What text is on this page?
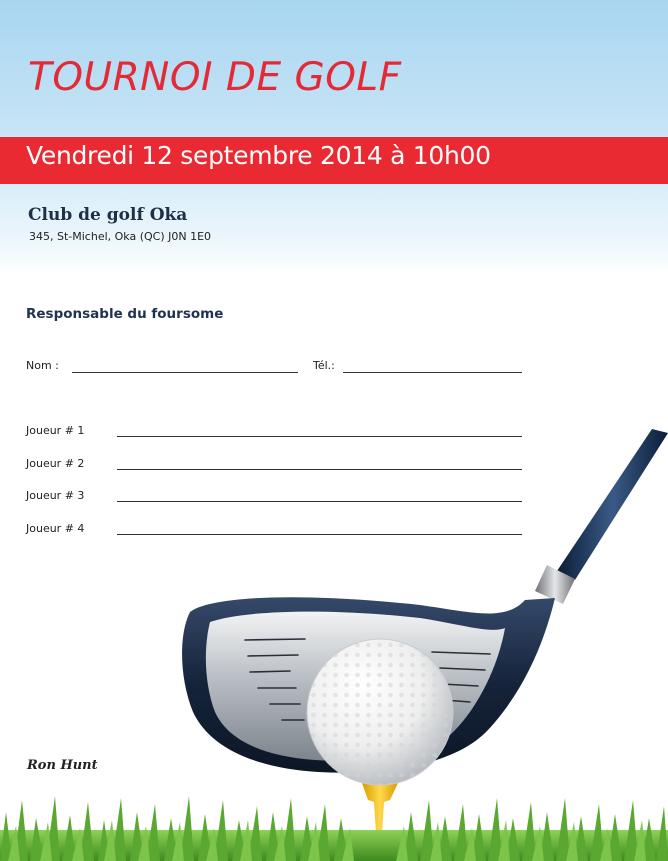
TOURNOI DE GOLF
Vendredi 12 septembre 2014 à 10h00
Club de golf Oka
345, St-Michel, Oka (QC) J0N 1E0
Responsable du foursome
Nom :	Tél.:
Joueur # 1
Joueur # 2
Joueur # 3
Joueur # 4
Ron Hunt
